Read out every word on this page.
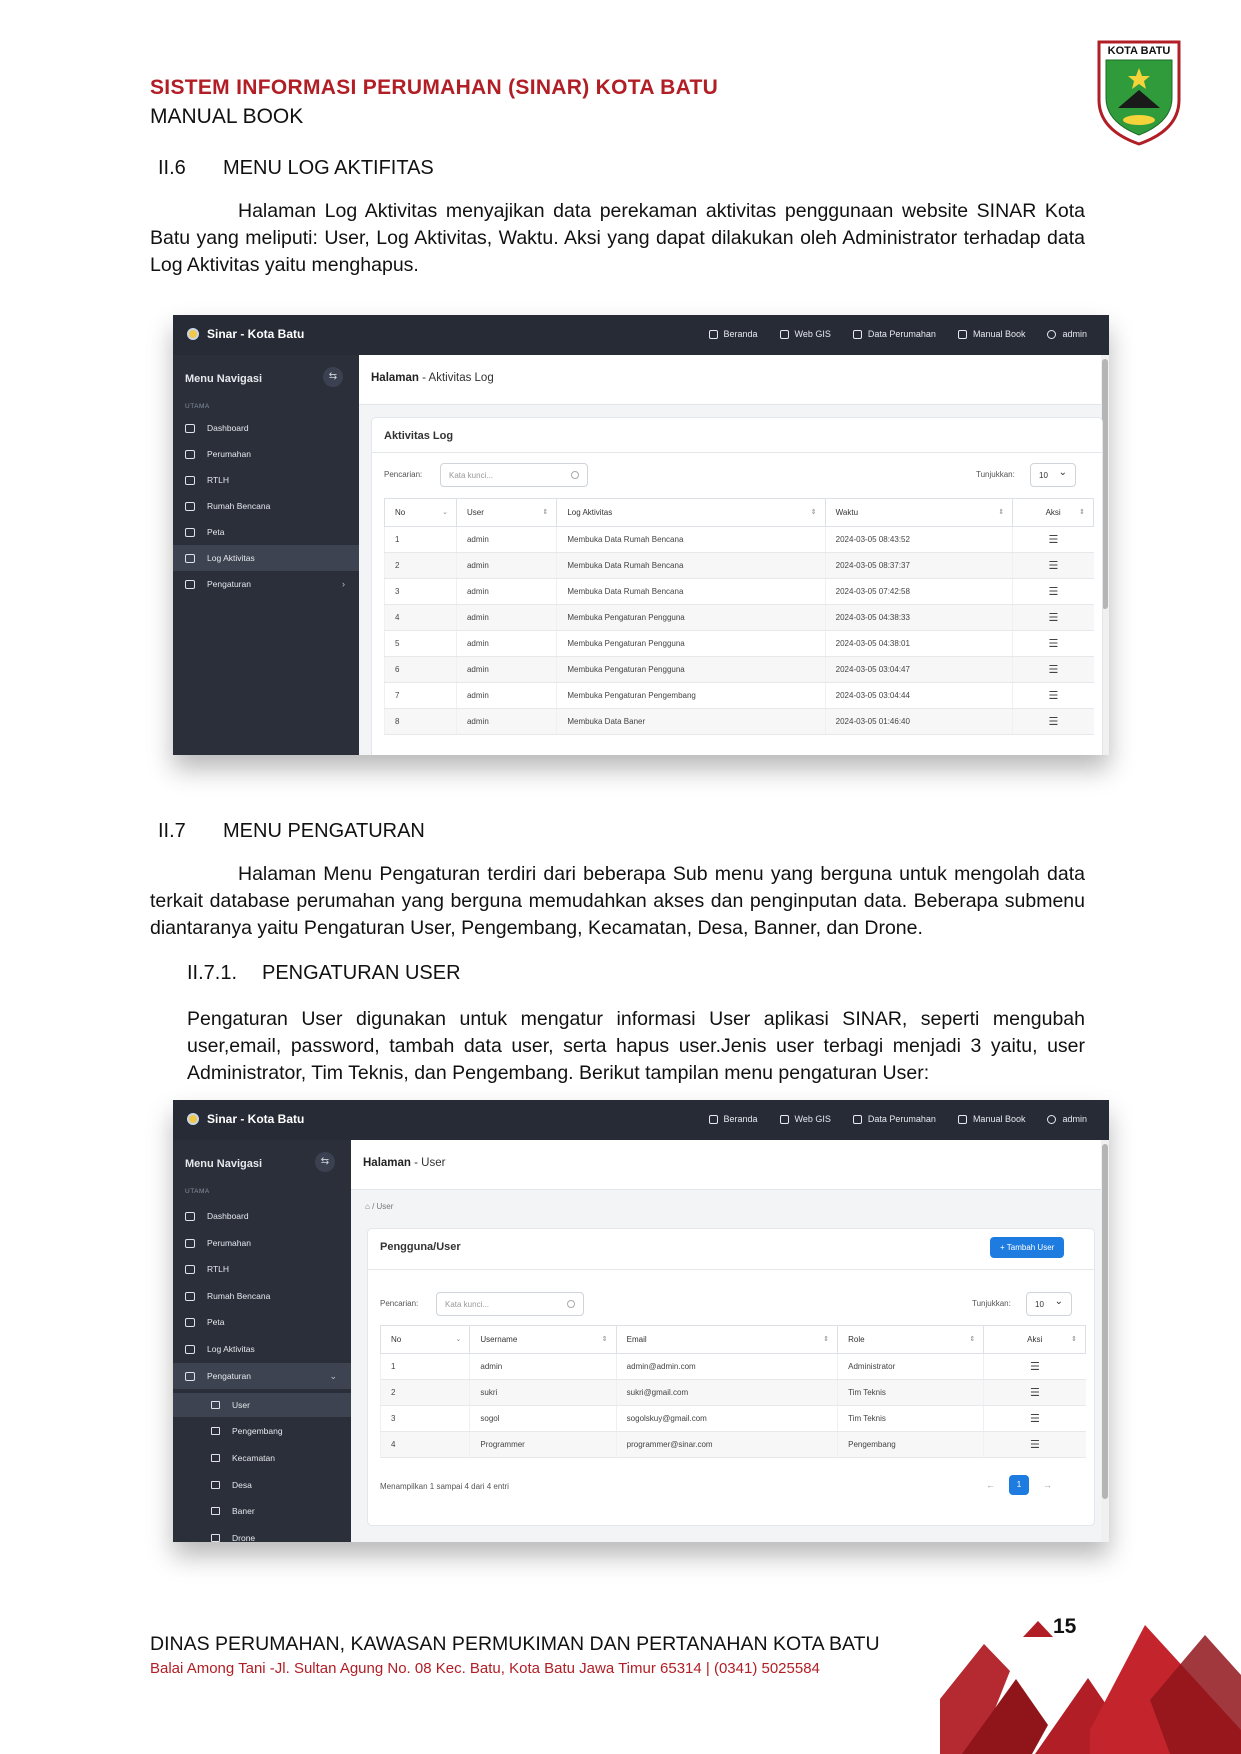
SISTEM INFORMASI PERUMAHAN (SINAR) KOTA BATU
MANUAL BOOK
KOTA BATU
II.6 MENU LOG AKTIFITAS
Halaman Log Aktivitas menyajikan data perekaman aktivitas penggunaan website SINAR Kota Batu yang meliputi: User, Log Aktivitas, Waktu. Aksi yang dapat dilakukan oleh Administrator terhadap data Log Aktivitas yaitu menghapus.
Sinar - Kota Batu	Beranda	Web GIS	Data Perumahan	Manual Book	admin
Menu Navigasi	⇆
UTAMA
Dashboard
Perumahan
RTLH
Rumah Bencana
Peta
Log Aktivitas
Pengaturan	›
Halaman - Aktivitas Log
Aktivitas Log
Pencarian:	Kata kunci...	Tunjukkan:	10 ⌄
No ⌄	User ⇕	Log Aktivitas ⇕	Waktu ⇕	Aksi ⇕

1	admin	Membuka Data Rumah Bencana	2024-03-05 08:43:52	☰
2	admin	Membuka Data Rumah Bencana	2024-03-05 08:37:37	☰
3	admin	Membuka Data Rumah Bencana	2024-03-05 07:42:58	☰
4	admin	Membuka Pengaturan Pengguna	2024-03-05 04:38:33	☰
5	admin	Membuka Pengaturan Pengguna	2024-03-05 04:38:01	☰
6	admin	Membuka Pengaturan Pengguna	2024-03-05 03:04:47	☰
7	admin	Membuka Pengaturan Pengembang	2024-03-05 03:04:44	☰
8	admin	Membuka Data Baner	2024-03-05 01:46:40	☰
II.7 MENU PENGATURAN
Halaman Menu Pengaturan terdiri dari beberapa Sub menu yang berguna untuk mengolah data terkait database perumahan yang berguna memudahkan akses dan penginputan data. Beberapa submenu diantaranya yaitu Pengaturan User, Pengembang, Kecamatan, Desa, Banner, dan Drone.
II.7.1. PENGATURAN USER
Pengaturan User digunakan untuk mengatur informasi User aplikasi SINAR, seperti mengubah user,email, password, tambah data user, serta hapus user.Jenis user terbagi menjadi 3 yaitu, user Administrator, Tim Teknis, dan Pengembang. Berikut tampilan menu pengaturan User:
Sinar - Kota Batu	Beranda	Web GIS	Data Perumahan	Manual Book	admin
Menu Navigasi	⇆
UTAMA
Dashboard
Perumahan
RTLH
Rumah Bencana
Peta
Log Aktivitas
Pengaturan	⌄
User
Pengembang
Kecamatan
Desa
Baner
Drone
Halaman - User
⌂ / User
Pengguna/User	+ Tambah User
Pencarian:	Kata kunci...	Tunjukkan:	10 ⌄
No ⌄	Username ⇕	Email ⇕	Role ⇕	Aksi ⇕

1	admin	admin@admin.com	Administrator	☰
2	sukri	sukri@gmail.com	Tim Teknis	☰
3	sogol	sogolskuy@gmail.com	Tim Teknis	☰
4	Programmer	programmer@sinar.com	Pengembang	☰
Menampilkan 1 sampai 4 dari 4 entri	←	1	→
15
DINAS PERUMAHAN, KAWASAN PERMUKIMAN DAN PERTANAHAN KOTA BATU
Balai Among Tani -Jl. Sultan Agung No. 08 Kec. Batu, Kota Batu Jawa Timur 65314 | (0341) 5025584
